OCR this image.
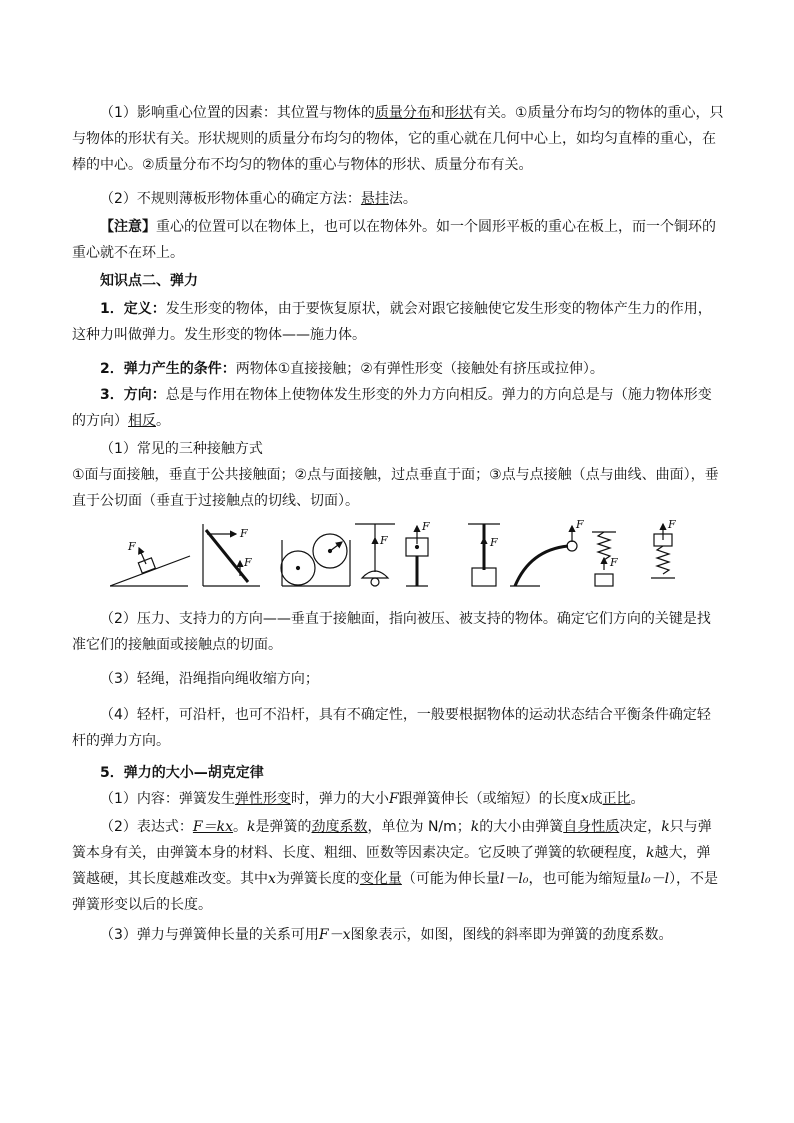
（1）影响重心位置的因素：其位置与物体的质量分布和形状有关。①质量分布均匀的物体的重心，只与物体的形状有关。形状规则的质量分布均匀的物体，它的重心就在几何中心上，如均匀直棒的重心，在棒的中心。②质量分布不均匀的物体的重心与物体的形状、质量分布有关。

（2）不规则薄板形物体重心的确定方法：悬挂法。

【注意】重心的位置可以在物体上，也可以在物体外。如一个圆形平板的重心在板上，而一个铜环的重心就不在环上。

知识点二、弹力

1．定义：发生形变的物体，由于要恢复原状，就会对跟它接触使它发生形变的物体产生力的作用，这种力叫做弹力。发生形变的物体——施力体。

2．弹力产生的条件：两物体①直接接触；②有弹性形变（接触处有挤压或拉伸）。

3．方向：总是与作用在物体上使物体发生形变的外力方向相反。弹力的方向总是与（施力物体形变的方向）相反。

（1）常见的三种接触方式

①面与面接触，垂直于公共接触面；②点与面接触，过点垂直于面；③点与点接触（点与曲线、曲面），垂直于公切面（垂直于过接触点的切线、切面）。

F
F
F
F
F
F
F
F
F

（2）压力、支持力的方向——垂直于接触面，指向被压、被支持的物体。确定它们方向的关键是找准它们的接触面或接触点的切面。

（3）轻绳，沿绳指向绳收缩方向；

（4）轻杆，可沿杆，也可不沿杆，具有不确定性，一般要根据物体的运动状态结合平衡条件确定轻杆的弹力方向。

5．弹力的大小—胡克定律

（1）内容：弹簧发生弹性形变时，弹力的大小F跟弹簧伸长（或缩短）的长度x成正比。

（2）表达式：F＝kx。k是弹簧的劲度系数，单位为 N/m；k的大小由弹簧自身性质决定，k只与弹簧本身有关，由弹簧本身的材料、长度、粗细、匝数等因素决定。它反映了弹簧的软硬程度，k越大，弹簧越硬，其长度越难改变。其中x为弹簧长度的变化量（可能为伸长量l－l₀，也可能为缩短量l₀－l），不是弹簧形变以后的长度。

（3）弹力与弹簧伸长量的关系可用F－x图象表示，如图，图线的斜率即为弹簧的劲度系数。
